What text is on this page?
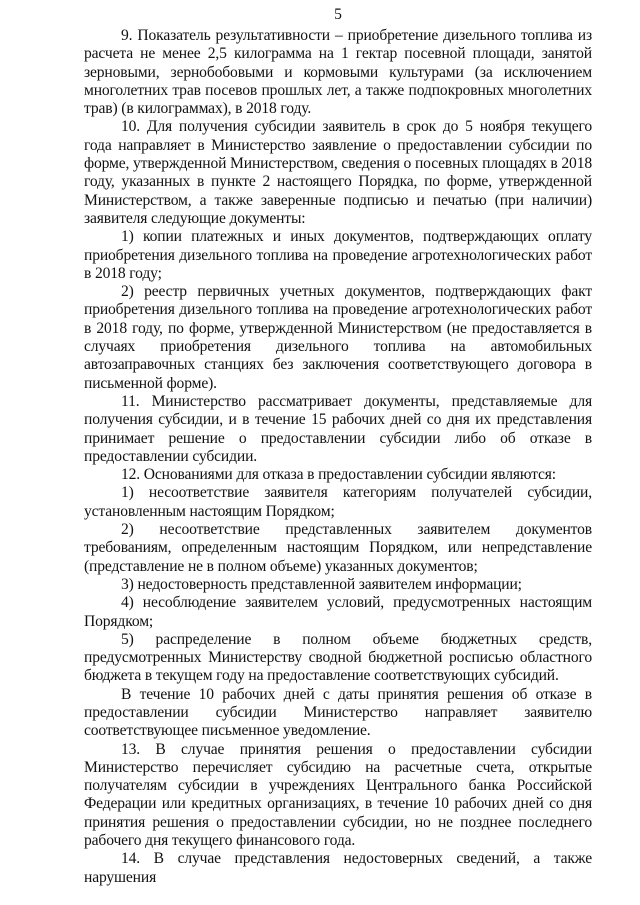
5

9. Показатель результативности – приобретение дизельного топлива из расчета не менее 2,5 килограмма на 1 гектар посевной площади, занятой зерновыми, зернобобовыми и кормовыми культурами (за исключением многолетних трав посевов прошлых лет, а также подпокровных многолетних трав) (в килограммах), в 2018 году.

10. Для получения субсидии заявитель в срок до 5 ноября текущего года направляет в Министерство заявление о предоставлении субсидии по форме, утвержденной Министерством, сведения о посевных площадях в 2018 году, указанных в пункте 2 настоящего Порядка, по форме, утвержденной Министерством, а также заверенные подписью и печатью (при наличии) заявителя следующие документы:

1) копии платежных и иных документов, подтверждающих оплату приобретения дизельного топлива на проведение агротехнологических работ в 2018 году;

2) реестр первичных учетных документов, подтверждающих факт приобретения дизельного топлива на проведение агротехнологических работ в 2018 году, по форме, утвержденной Министерством (не предоставляется в случаях приобретения дизельного топлива на автомобильных автозаправочных станциях без заключения соответствующего договора в письменной форме).

11. Министерство рассматривает документы, представляемые для получения субсидии, и в течение 15 рабочих дней со дня их представления принимает решение о предоставлении субсидии либо об отказе в предоставлении субсидии.

12. Основаниями для отказа в предоставлении субсидии являются:

1) несоответствие заявителя категориям получателей субсидии, установленным настоящим Порядком;

2) несоответствие представленных заявителем документов требованиям, определенным настоящим Порядком, или непредставление (представление не в полном объеме) указанных документов;

3) недостоверность представленной заявителем информации;

4) несоблюдение заявителем условий, предусмотренных настоящим Порядком;

5) распределение в полном объеме бюджетных средств, предусмотренных Министерству сводной бюджетной росписью областного бюджета в текущем году на предоставление соответствующих субсидий.

В течение 10 рабочих дней с даты принятия решения об отказе в предоставлении субсидии Министерство направляет заявителю соответствующее письменное уведомление.

13. В случае принятия решения о предоставлении субсидии Министерство перечисляет субсидию на расчетные счета, открытые получателям субсидии в учреждениях Центрального банка Российской Федерации или кредитных организациях, в течение 10 рабочих дней со дня принятия решения о предоставлении субсидии, но не позднее последнего рабочего дня текущего финансового года.

14. В случае представления недостоверных сведений, а также нарушения
